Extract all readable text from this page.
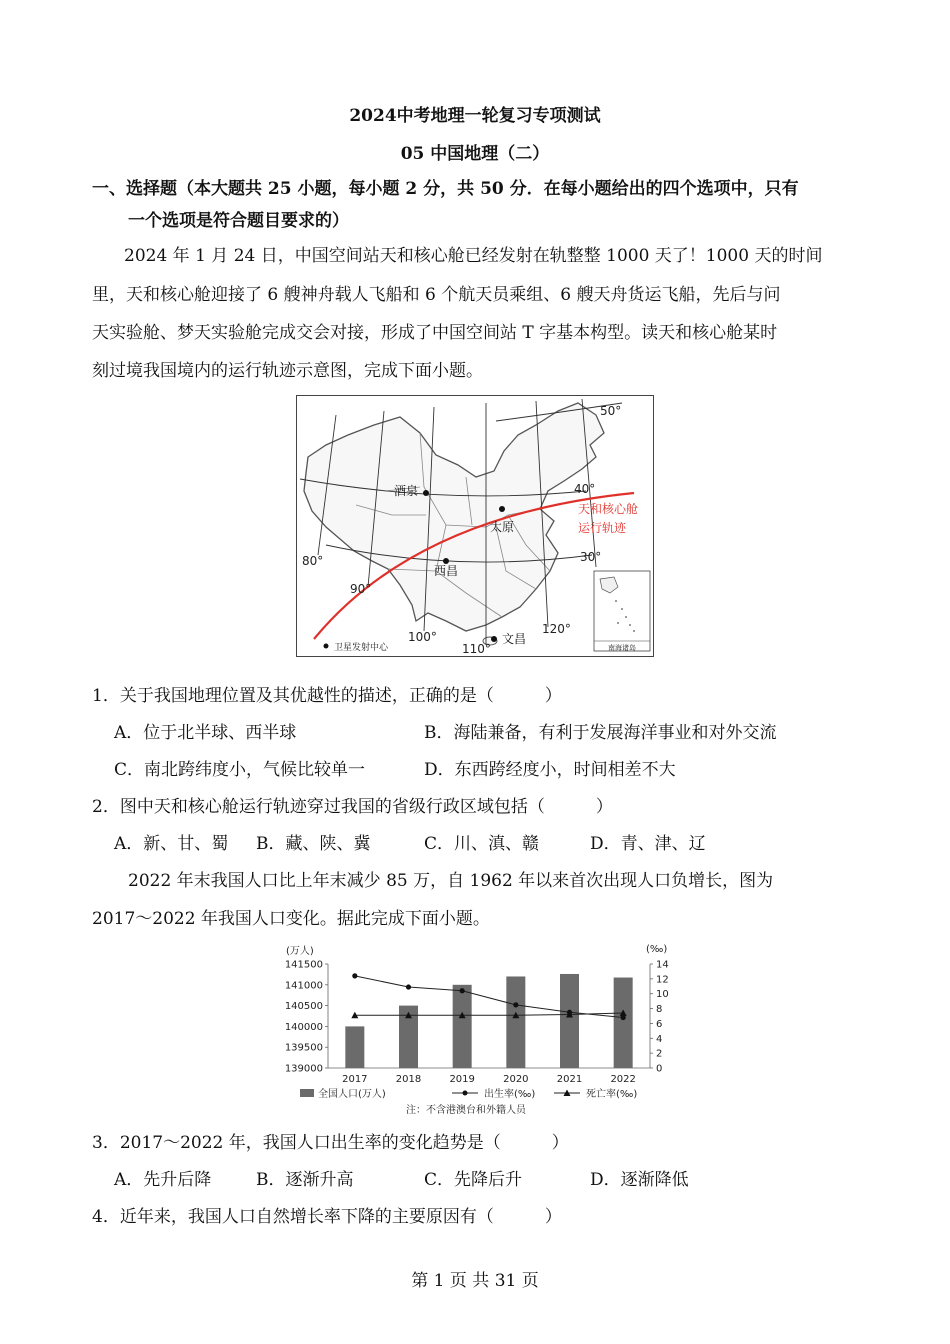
2024中考地理一轮复习专项测试
05 中国地理（二）
一、选择题（本大题共 25 小题，每小题 2 分，共 50 分．在每小题给出的四个选项中，只有
一个选项是符合题目要求的）
2024 年 1 月 24 日，中国空间站天和核心舱已经发射在轨整整 1000 天了！1000 天的时间
里，天和核心舱迎接了 6 艘神舟载人飞船和 6 个航天员乘组、6 艘天舟货运飞船，先后与问
天实验舱、梦天实验舱完成交会对接，形成了中国空间站 T 字基本构型。读天和核心舱某时
刻过境我国境内的运行轨迹示意图，完成下面小题。
50°
40°
30°
80°
90°
100°
110°
120°
酒泉
太原
西昌
文昌
天和核心舱
运行轨迹
卫星发射中心	南海诸岛
1．关于我国地理位置及其优越性的描述，正确的是（　　　）
A．位于北半球、西半球	B．海陆兼备，有利于发展海洋事业和对外交流
C．南北跨纬度小，气候比较单一	D．东西跨经度小，时间相差不大
2．图中天和核心舱运行轨迹穿过我国的省级行政区域包括（　　　）
A．新、甘、蜀 B．藏、陕、冀	C．川、滇、赣	D．青、津、辽
2022 年末我国人口比上年末减少 85 万，自 1962 年以来首次出现人口负增长，图为
2017～2022 年我国人口变化。据此完成下面小题。
(万人)	(‰)
141500
141000
140500
140000
139500
139000
14
12
10
8
6
4
2
0
2017	2018	2019	2020	2021	2022
全国人口(万人)	出生率(‰)	死亡率(‰)
注：不含港澳台和外籍人员
3．2017～2022 年，我国人口出生率的变化趋势是（　　　）
A．先升后降	B．逐渐升高	C．先降后升	D．逐渐降低
4．近年来，我国人口自然增长率下降的主要原因有（　　　）
第 1 页 共 31 页
